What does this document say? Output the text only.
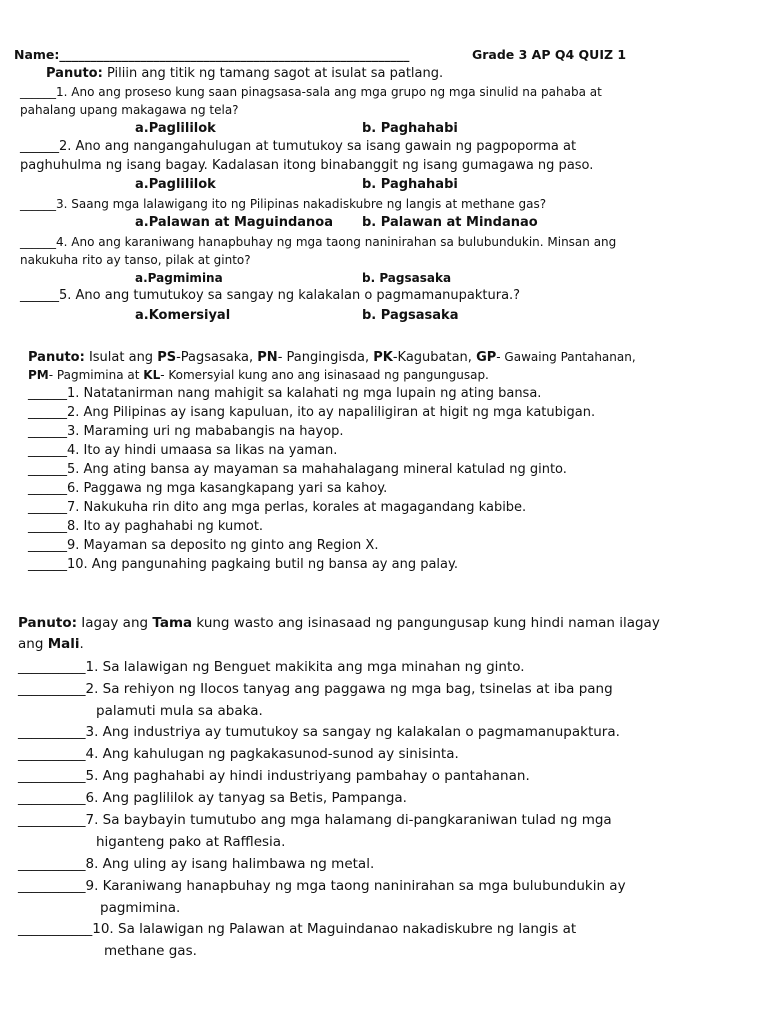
Name:________________________________________________________	Grade 3 AP Q4 QUIZ 1
Panuto: Piliin ang titik ng tamang sagot at isulat sa patlang.
______1. Ano ang proseso kung saan pinagsasa-sala ang mga grupo ng mga sinulid na pahaba at
pahalang upang makagawa ng tela?
a.Paglililok	b. Paghahabi
______2. Ano ang nangangahulugan at tumutukoy sa isang gawain ng pagpoporma at
paghuhulma ng isang bagay. Kadalasan itong binabanggit ng isang gumagawa ng paso.
a.Paglililok	b. Paghahabi
______3. Saang mga lalawigang ito ng Pilipinas nakadiskubre ng langis at methane gas?
a.Palawan at Maguindanoa b. Palawan at Mindanao
______4. Ano ang karaniwang hanapbuhay ng mga taong naninirahan sa bulubundukin. Minsan ang
nakukuha rito ay tanso, pilak at ginto?
a.Pagmimina	b. Pagsasaka
______5. Ano ang tumutukoy sa sangay ng kalakalan o pagmamanupaktura.?
a.Komersiyal	b. Pagsasaka
Panuto: Isulat ang PS-Pagsasaka, PN- Pangingisda, PK-Kagubatan, GP- Gawaing Pantahanan,
PM- Pagmimina at KL- Komersyial kung ano ang isinasaad ng pangungusap.
______1. Natatanirman nang mahigit sa kalahati ng mga lupain ng ating bansa.
______2. Ang Pilipinas ay isang kapuluan, ito ay napaliligiran at higit ng mga katubigan.
______3. Maraming uri ng mababangis na hayop.
______4. Ito ay hindi umaasa sa likas na yaman.
______5. Ang ating bansa ay mayaman sa mahahalagang mineral katulad ng ginto.
______6. Paggawa ng mga kasangkapang yari sa kahoy.
______7. Nakukuha rin dito ang mga perlas, korales at magagandang kabibe.
______8. Ito ay paghahabi ng kumot.
______9. Mayaman sa deposito ng ginto ang Region X.
______10. Ang pangunahing pagkaing butil ng bansa ay ang palay.
Panuto: Iagay ang Tama kung wasto ang isinasaad ng pangungusap kung hindi naman ilagay
ang Mali.
__________1. Sa lalawigan ng Benguet makikita ang mga minahan ng ginto.
__________2. Sa rehiyon ng Ilocos tanyag ang paggawa ng mga bag, tsinelas at iba pang
palamuti mula sa abaka.
__________3. Ang industriya ay tumutukoy sa sangay ng kalakalan o pagmamanupaktura.
__________4. Ang kahulugan ng pagkakasunod-sunod ay sinisinta.
__________5. Ang paghahabi ay hindi industriyang pambahay o pantahanan.
__________6. Ang paglililok ay tanyag sa Betis, Pampanga.
__________7. Sa baybayin tumutubo ang mga halamang di-pangkaraniwan tulad ng mga
higanteng pako at Rafflesia.
__________8. Ang uling ay isang halimbawa ng metal.
__________9. Karaniwang hanapbuhay ng mga taong naninirahan sa mga bulubundukin ay
pagmimina.
___________10. Sa lalawigan ng Palawan at Maguindanao nakadiskubre ng langis at
methane gas.
